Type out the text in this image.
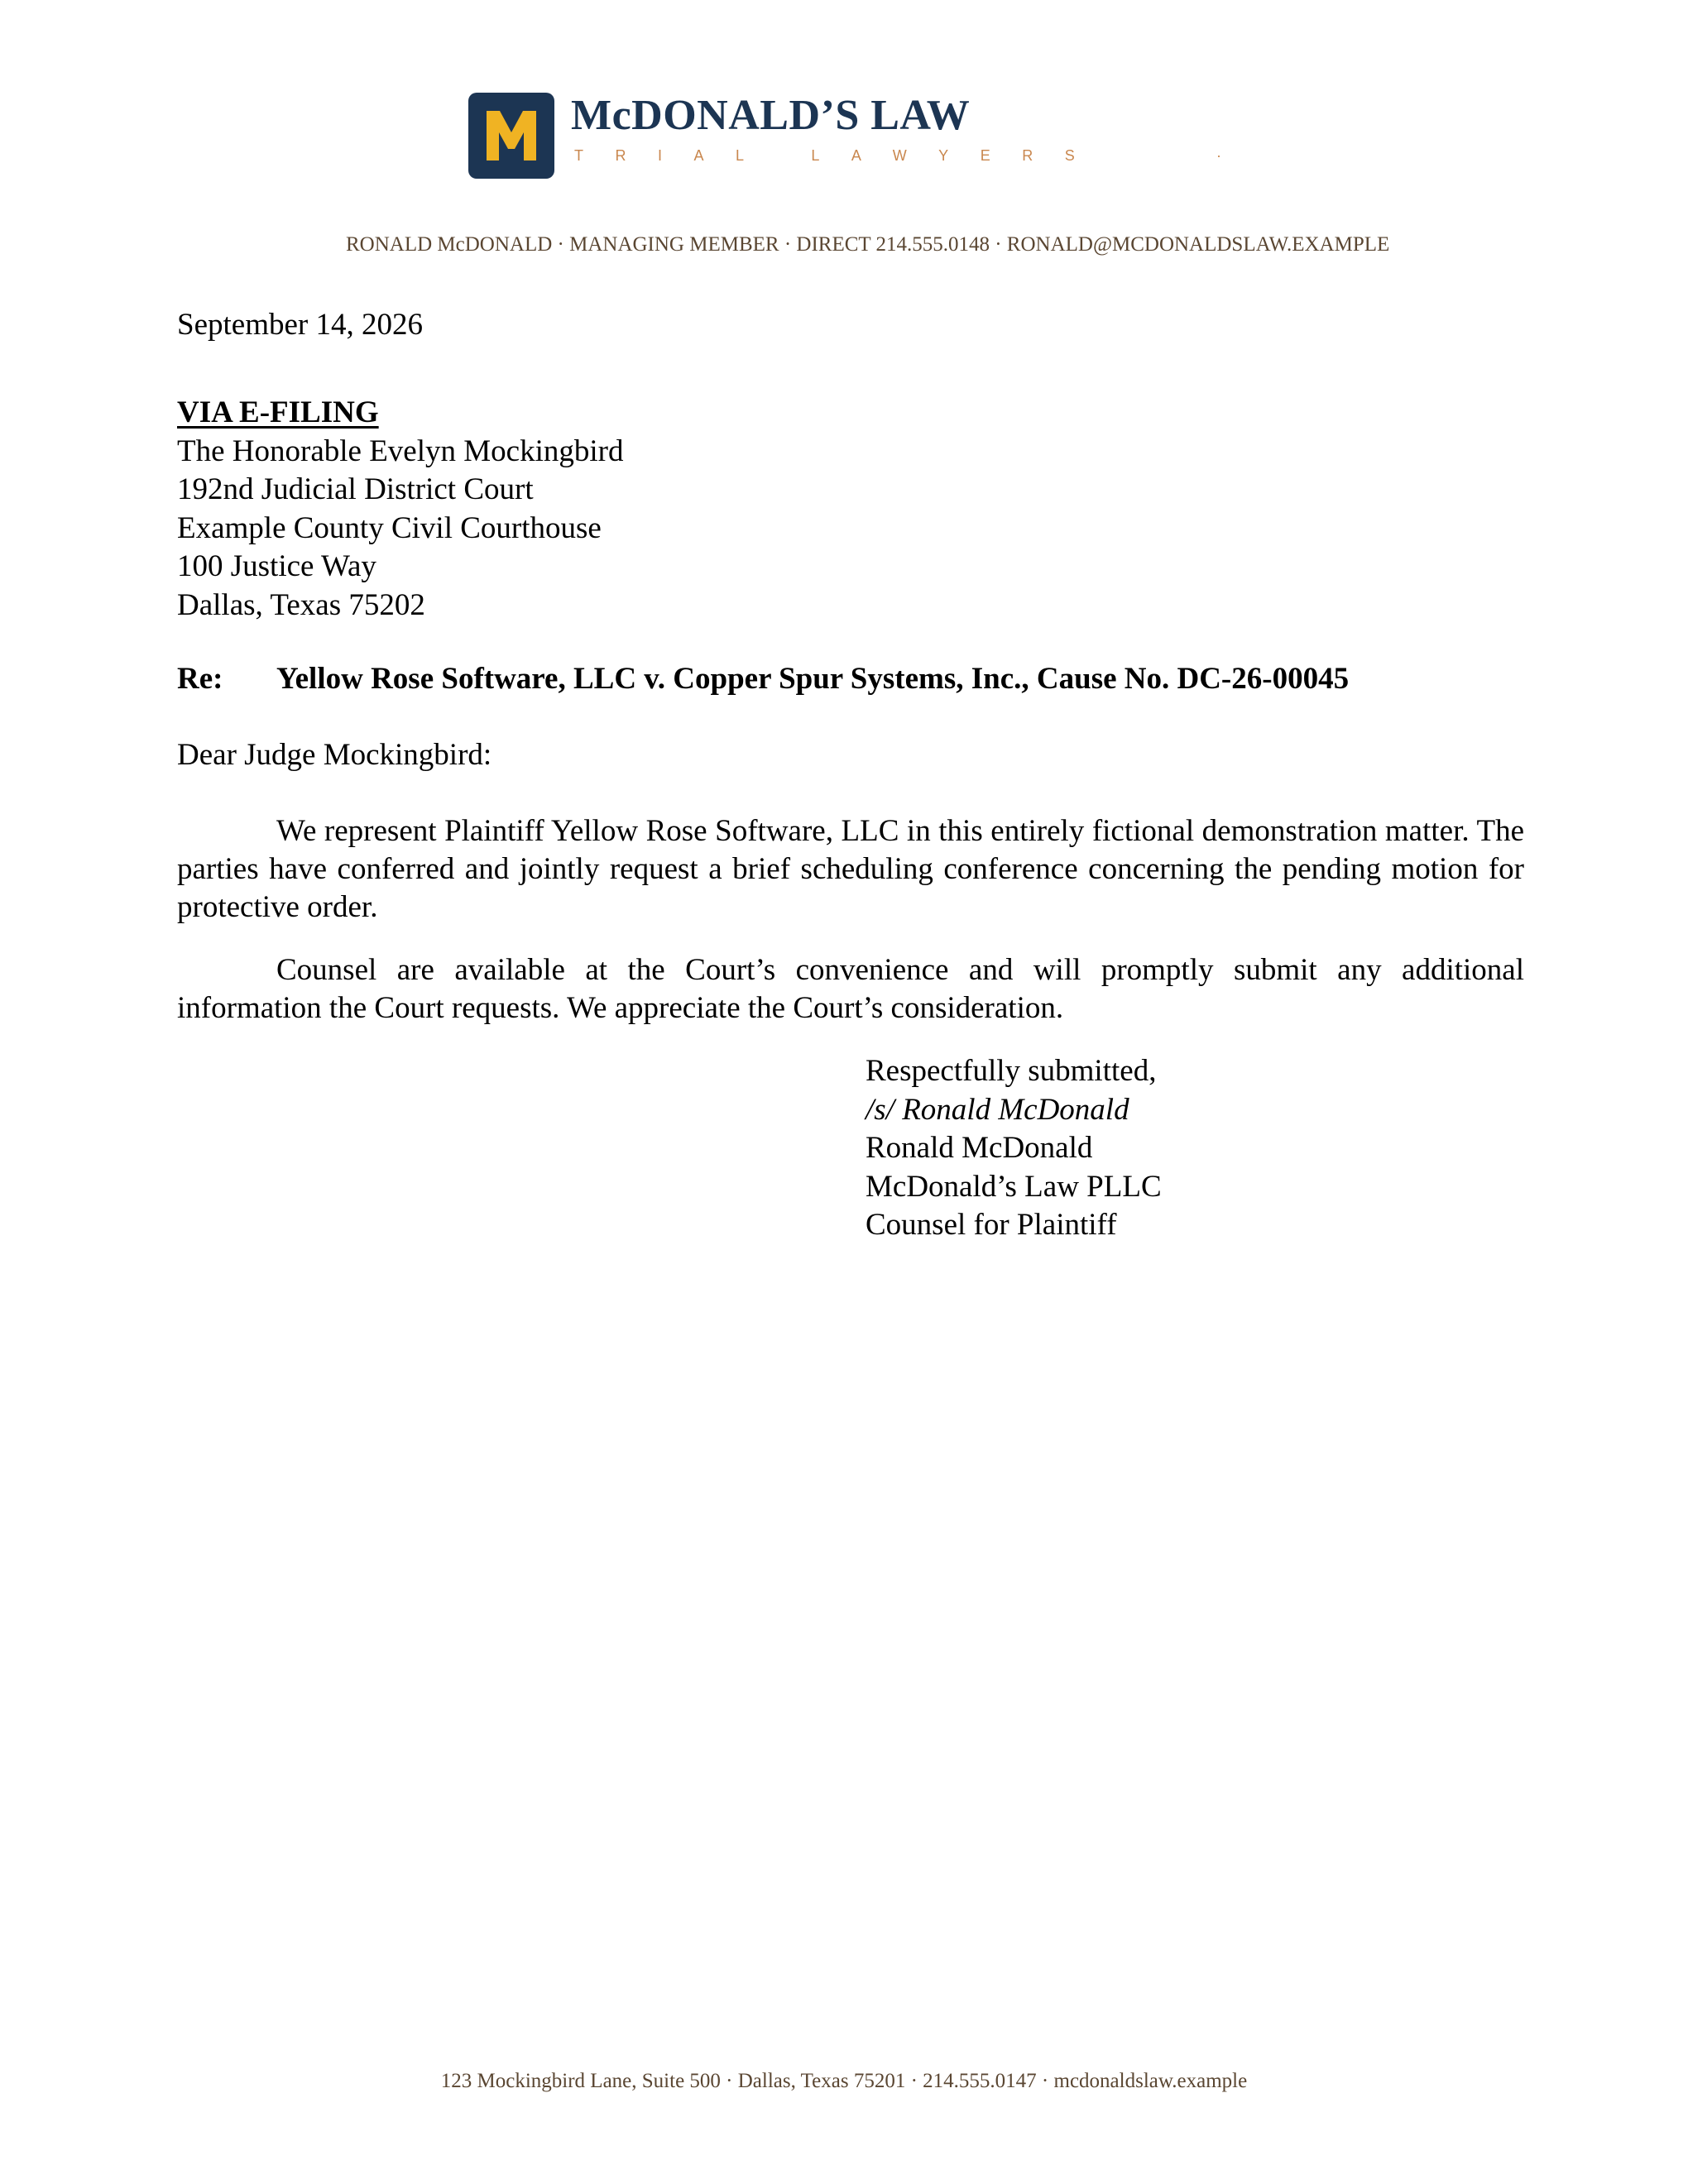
McDONALD’S LAW
TRIAL LAWYERS	·
RONALD McDONALD · MANAGING MEMBER · DIRECT 214.555.0148 · RONALD@MCDONALDSLAW.EXAMPLE
September 14, 2026
VIA E-FILING
The Honorable Evelyn Mockingbird
192nd Judicial District Court
Example County Civil Courthouse
100 Justice Way
Dallas, Texas 75202
Re: Yellow Rose Software, LLC v. Copper Spur Systems, Inc., Cause No. DC-26-00045
Dear Judge Mockingbird:

We represent Plaintiff Yellow Rose Software, LLC in this entirely fictional demonstration matter. The parties have conferred and jointly request a brief scheduling conference concerning the pending motion for protective order.

Counsel are available at the Court’s convenience and will promptly submit any additional information the Court requests. We appreciate the Court’s consideration.

Respectfully submitted,
/s/ Ronald McDonald
Ronald McDonald
McDonald’s Law PLLC
Counsel for Plaintiff
123 Mockingbird Lane, Suite 500 · Dallas, Texas 75201 · 214.555.0147 · mcdonaldslaw.example
